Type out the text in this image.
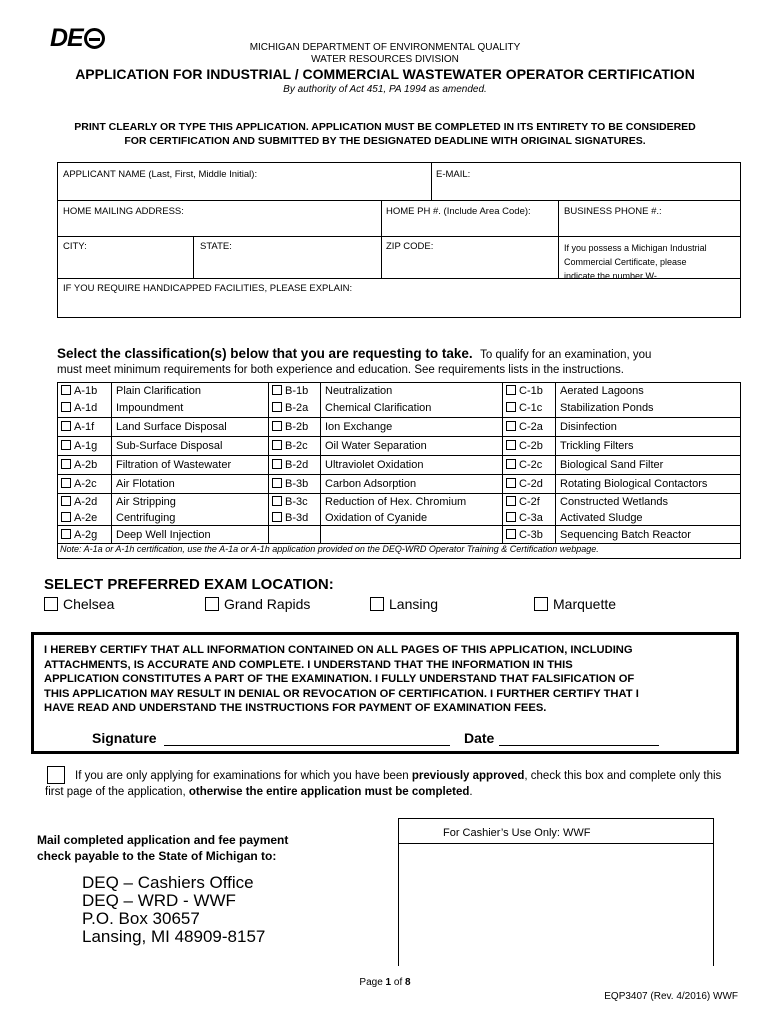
DE	MICHIGAN DEPARTMENT OF ENVIRONMENTAL QUALITY
WATER RESOURCES DIVISION
APPLICATION FOR INDUSTRIAL / COMMERCIAL WASTEWATER OPERATOR CERTIFICATION
By authority of Act 451, PA 1994 as amended.
PRINT CLEARLY OR TYPE THIS APPLICATION. APPLICATION MUST BE COMPLETED IN ITS ENTIRETY TO BE CONSIDERED
FOR CERTIFICATION AND SUBMITTED BY THE DESIGNATED DEADLINE WITH ORIGINAL SIGNATURES.
APPLICANT NAME (Last, First, Middle Initial):	E-MAIL:
HOME MAILING ADDRESS:	HOME PH #. (Include Area Code):	BUSINESS PHONE #.:
CITY:	STATE:	ZIP CODE:	If you possess a Michigan Industrial
Commercial Certificate, please
indicate the number W-
IF YOU REQUIRE HANDICAPPED FACILITIES, PLEASE EXPLAIN:
Select the classification(s) below that you are requesting to take. To qualify for an examination, you
must meet minimum requirements for both experience and education. See requirements lists in the instructions.
A-1b Plain Clarification	B-1b Neutralization	C-1b Aerated Lagoons
A-1d Impoundment	B-2a Chemical Clarification	C-1c Stabilization Ponds
A-1f Land Surface Disposal	B-2b Ion Exchange	C-2a Disinfection
A-1g Sub-Surface Disposal	B-2c Oil Water Separation	C-2b Trickling Filters
A-2b Filtration of Wastewater	B-2d Ultraviolet Oxidation	C-2c Biological Sand Filter
A-2c Air Flotation	B-3b Carbon Adsorption	C-2d Rotating Biological Contactors
A-2d Air Stripping	B-3c Reduction of Hex. Chromium	C-2f Constructed Wetlands
A-2e Centrifuging	B-3d Oxidation of Cyanide	C-3a Activated Sludge
A-2g Deep Well Injection	C-3b Sequencing Batch Reactor
Note: A-1a or A-1h certification, use the A-1a or A-1h application provided on the DEQ-WRD Operator Training & Certification webpage.
SELECT PREFERRED EXAM LOCATION:
Chelsea	Grand Rapids	Lansing	Marquette
I HEREBY CERTIFY THAT ALL INFORMATION CONTAINED ON ALL PAGES OF THIS APPLICATION, INCLUDING
ATTACHMENTS, IS ACCURATE AND COMPLETE. I UNDERSTAND THAT THE INFORMATION IN THIS
APPLICATION CONSTITUTES A PART OF THE EXAMINATION. I FULLY UNDERSTAND THAT FALSIFICATION OF
THIS APPLICATION MAY RESULT IN DENIAL OR REVOCATION OF CERTIFICATION. I FURTHER CERTIFY THAT I
HAVE READ AND UNDERSTAND THE INSTRUCTIONS FOR PAYMENT OF EXAMINATION FEES.
Signature	Date
If you are only applying for examinations for which you have been previously approved, check this box and complete only this first page of the application, otherwise the entire application must be completed.
Mail completed application and fee payment
check payable to the State of Michigan to:
DEQ – Cashiers Office
DEQ – WRD - WWF
P.O. Box 30657
Lansing, MI 48909-8157
For Cashier’s Use Only: WWF
Page 1 of 8
EQP3407 (Rev. 4/2016) WWF
